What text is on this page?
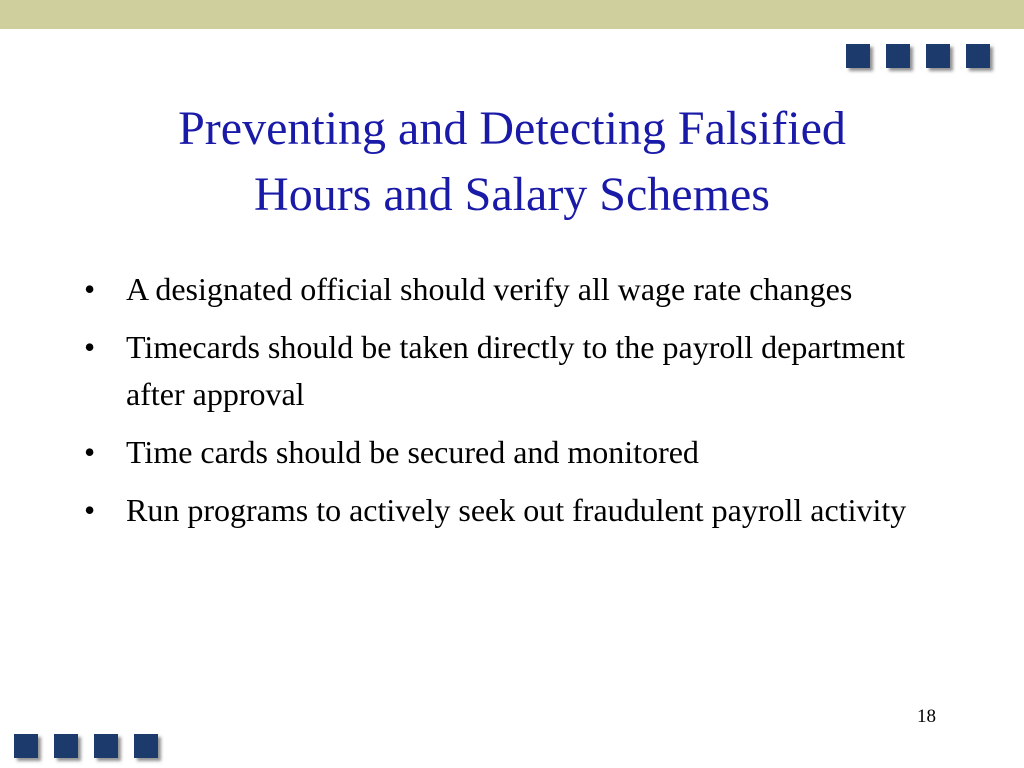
Preventing and Detecting Falsified
Hours and Salary Schemes
• A designated official should verify all wage rate changes
• Timecards should be taken directly to the payroll department after approval
• Time cards should be secured and monitored
• Run programs to actively seek out fraudulent payroll activity
18
